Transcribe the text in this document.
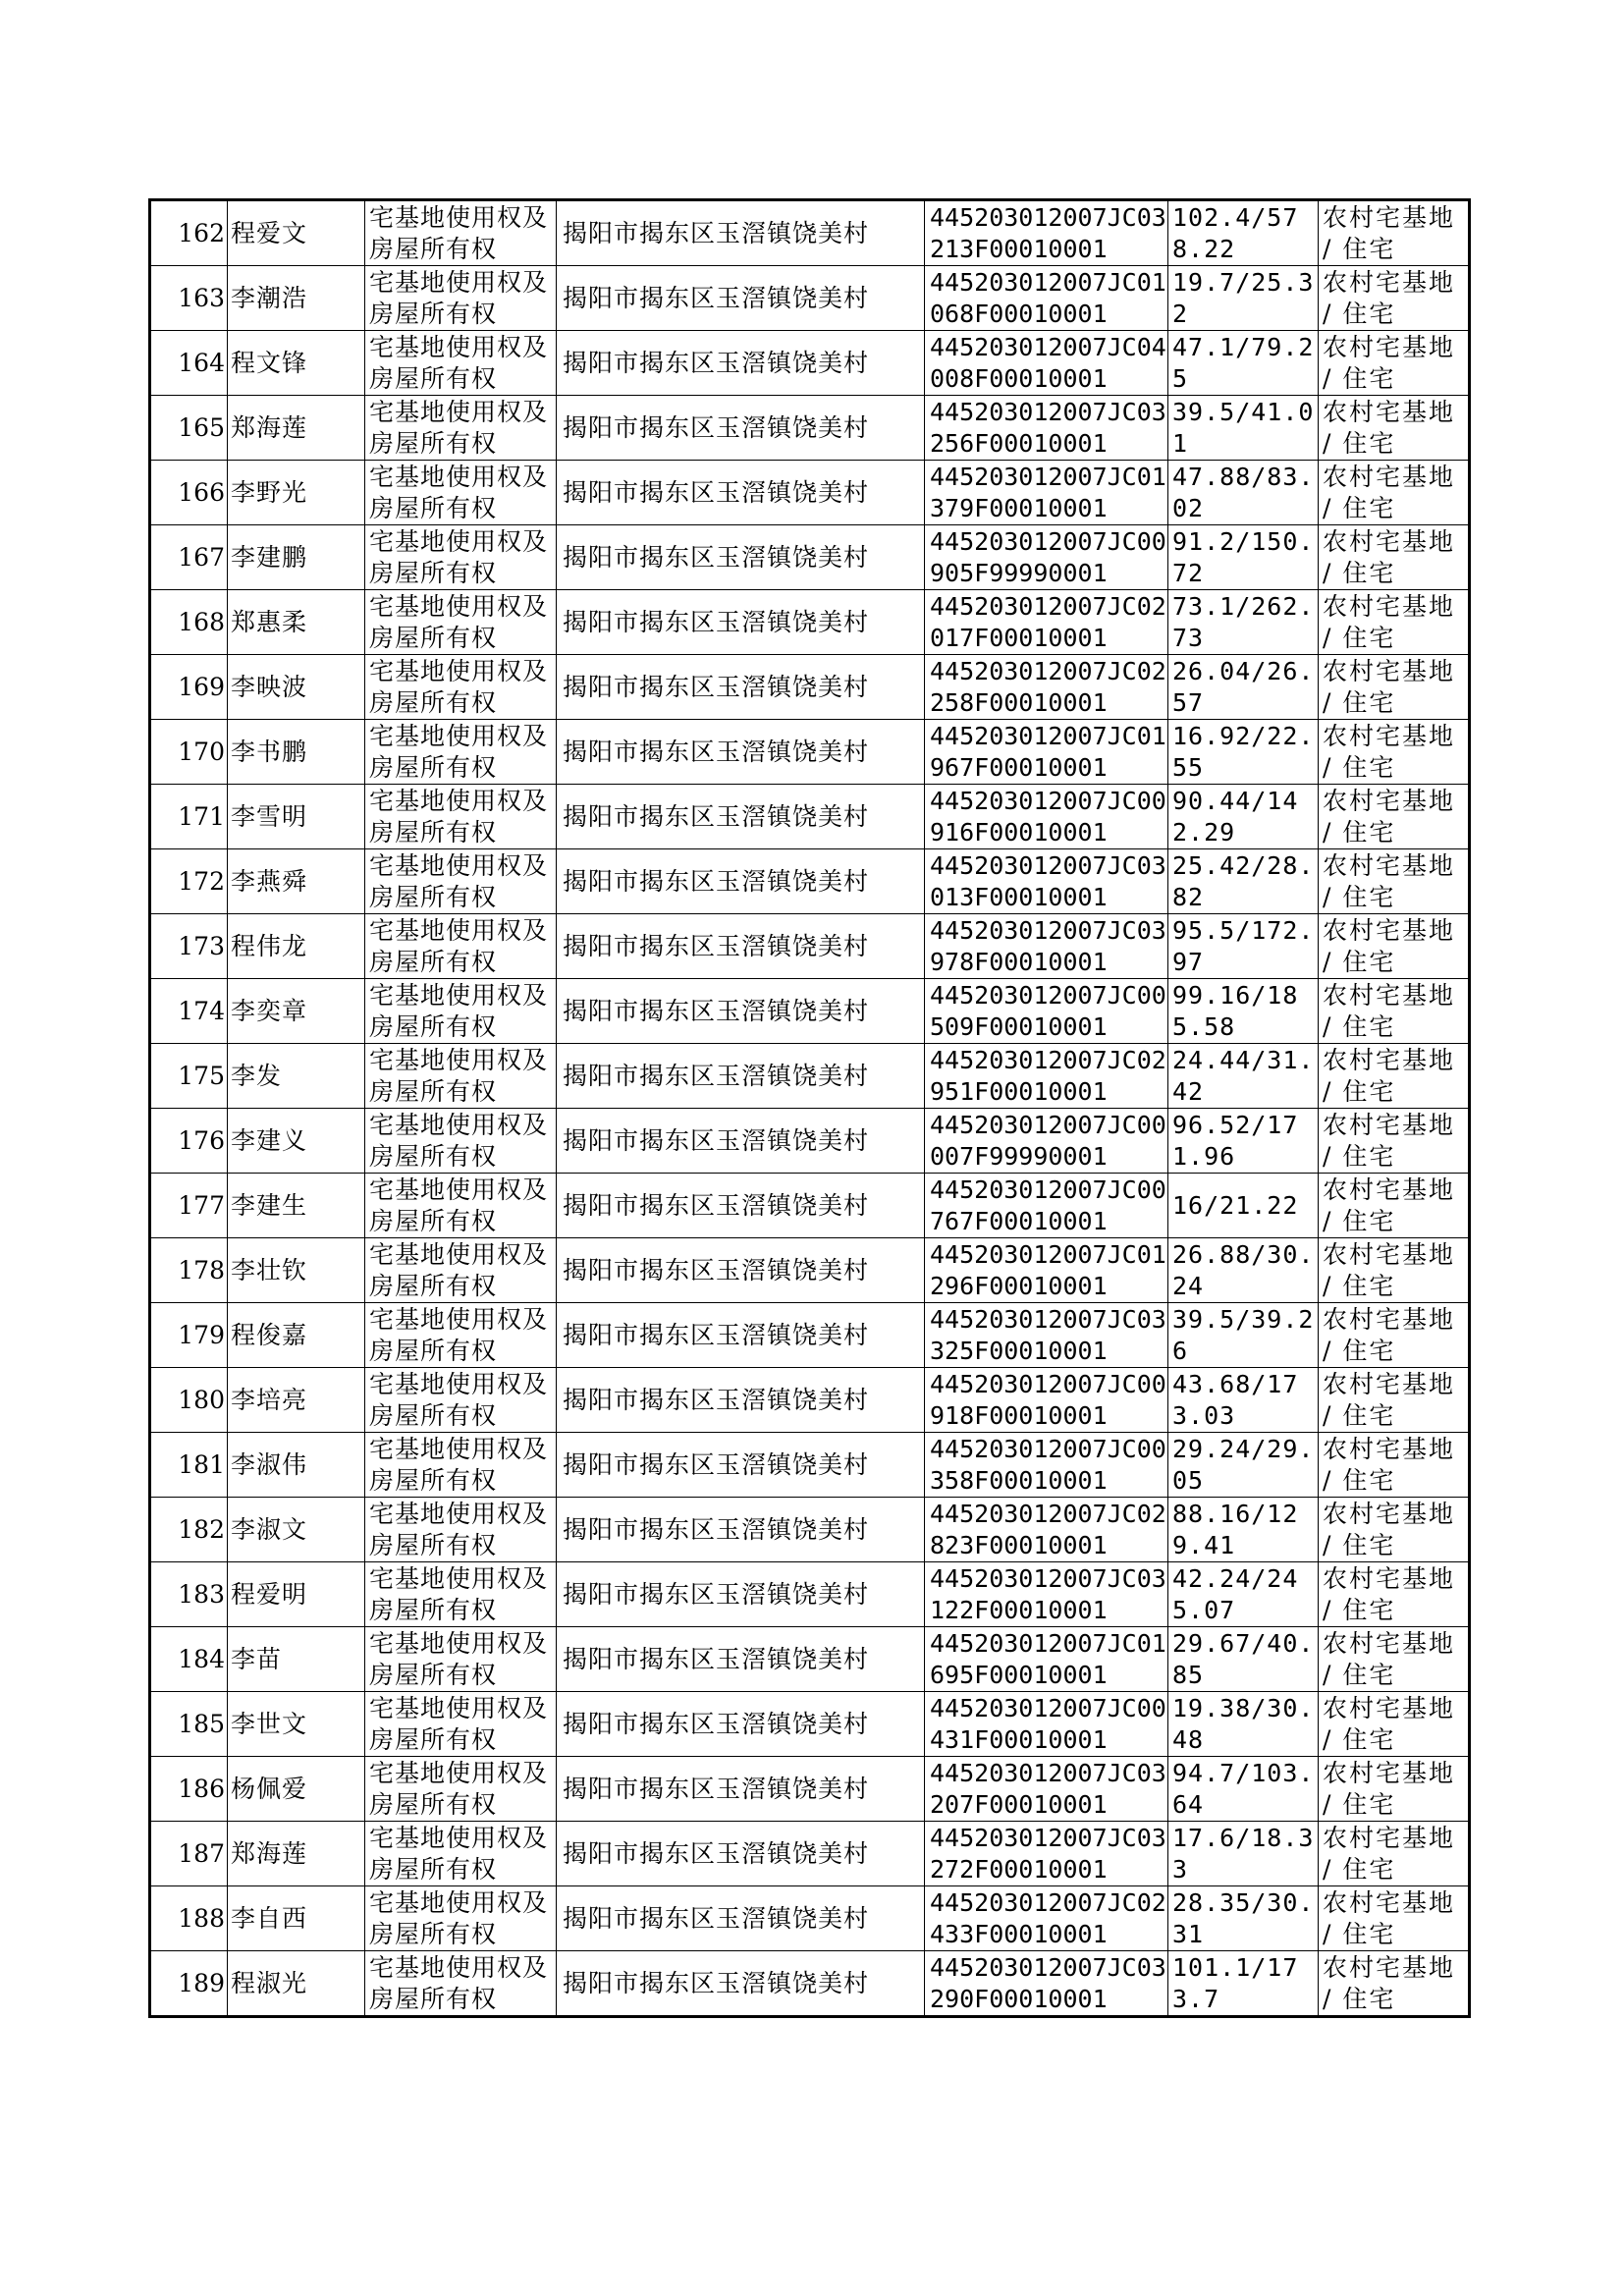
162	程爱文	宅基地使用权及房屋所有权	揭阳市揭东区玉滘镇饶美村	445203012007JC03213F00010001	102.4/578.22	农村宅基地 / 住宅
163	李潮浩	宅基地使用权及房屋所有权	揭阳市揭东区玉滘镇饶美村	445203012007JC01068F00010001	19.7/25.32	农村宅基地 / 住宅
164	程文锋	宅基地使用权及房屋所有权	揭阳市揭东区玉滘镇饶美村	445203012007JC04008F00010001	47.1/79.25	农村宅基地 / 住宅
165	郑海莲	宅基地使用权及房屋所有权	揭阳市揭东区玉滘镇饶美村	445203012007JC03256F00010001	39.5/41.01	农村宅基地 / 住宅
166	李野光	宅基地使用权及房屋所有权	揭阳市揭东区玉滘镇饶美村	445203012007JC01379F00010001	47.88/83.02	农村宅基地 / 住宅
167	李建鹏	宅基地使用权及房屋所有权	揭阳市揭东区玉滘镇饶美村	445203012007JC00905F99990001	91.2/150.72	农村宅基地 / 住宅
168	郑惠柔	宅基地使用权及房屋所有权	揭阳市揭东区玉滘镇饶美村	445203012007JC02017F00010001	73.1/262.73	农村宅基地 / 住宅
169	李映波	宅基地使用权及房屋所有权	揭阳市揭东区玉滘镇饶美村	445203012007JC02258F00010001	26.04/26.57	农村宅基地 / 住宅
170	李书鹏	宅基地使用权及房屋所有权	揭阳市揭东区玉滘镇饶美村	445203012007JC01967F00010001	16.92/22.55	农村宅基地 / 住宅
171	李雪明	宅基地使用权及房屋所有权	揭阳市揭东区玉滘镇饶美村	445203012007JC00916F00010001	90.44/142.29	农村宅基地 / 住宅
172	李燕舜	宅基地使用权及房屋所有权	揭阳市揭东区玉滘镇饶美村	445203012007JC03013F00010001	25.42/28.82	农村宅基地 / 住宅
173	程伟龙	宅基地使用权及房屋所有权	揭阳市揭东区玉滘镇饶美村	445203012007JC03978F00010001	95.5/172.97	农村宅基地 / 住宅
174	李奕章	宅基地使用权及房屋所有权	揭阳市揭东区玉滘镇饶美村	445203012007JC00509F00010001	99.16/185.58	农村宅基地 / 住宅
175	李发	宅基地使用权及房屋所有权	揭阳市揭东区玉滘镇饶美村	445203012007JC02951F00010001	24.44/31.42	农村宅基地 / 住宅
176	李建义	宅基地使用权及房屋所有权	揭阳市揭东区玉滘镇饶美村	445203012007JC00007F99990001	96.52/171.96	农村宅基地 / 住宅
177	李建生	宅基地使用权及房屋所有权	揭阳市揭东区玉滘镇饶美村	445203012007JC00767F00010001	16/21.22	农村宅基地 / 住宅
178	李壮钦	宅基地使用权及房屋所有权	揭阳市揭东区玉滘镇饶美村	445203012007JC01296F00010001	26.88/30.24	农村宅基地 / 住宅
179	程俊嘉	宅基地使用权及房屋所有权	揭阳市揭东区玉滘镇饶美村	445203012007JC03325F00010001	39.5/39.26	农村宅基地 / 住宅
180	李培亮	宅基地使用权及房屋所有权	揭阳市揭东区玉滘镇饶美村	445203012007JC00918F00010001	43.68/173.03	农村宅基地 / 住宅
181	李淑伟	宅基地使用权及房屋所有权	揭阳市揭东区玉滘镇饶美村	445203012007JC00358F00010001	29.24/29.05	农村宅基地 / 住宅
182	李淑文	宅基地使用权及房屋所有权	揭阳市揭东区玉滘镇饶美村	445203012007JC02823F00010001	88.16/129.41	农村宅基地 / 住宅
183	程爱明	宅基地使用权及房屋所有权	揭阳市揭东区玉滘镇饶美村	445203012007JC03122F00010001	42.24/245.07	农村宅基地 / 住宅
184	李苗	宅基地使用权及房屋所有权	揭阳市揭东区玉滘镇饶美村	445203012007JC01695F00010001	29.67/40.85	农村宅基地 / 住宅
185	李世文	宅基地使用权及房屋所有权	揭阳市揭东区玉滘镇饶美村	445203012007JC00431F00010001	19.38/30.48	农村宅基地 / 住宅
186	杨佩爱	宅基地使用权及房屋所有权	揭阳市揭东区玉滘镇饶美村	445203012007JC03207F00010001	94.7/103.64	农村宅基地 / 住宅
187	郑海莲	宅基地使用权及房屋所有权	揭阳市揭东区玉滘镇饶美村	445203012007JC03272F00010001	17.6/18.33	农村宅基地 / 住宅
188	李自西	宅基地使用权及房屋所有权	揭阳市揭东区玉滘镇饶美村	445203012007JC02433F00010001	28.35/30.31	农村宅基地 / 住宅
189	程淑光	宅基地使用权及房屋所有权	揭阳市揭东区玉滘镇饶美村	445203012007JC03290F00010001	101.1/173.7	农村宅基地 / 住宅
